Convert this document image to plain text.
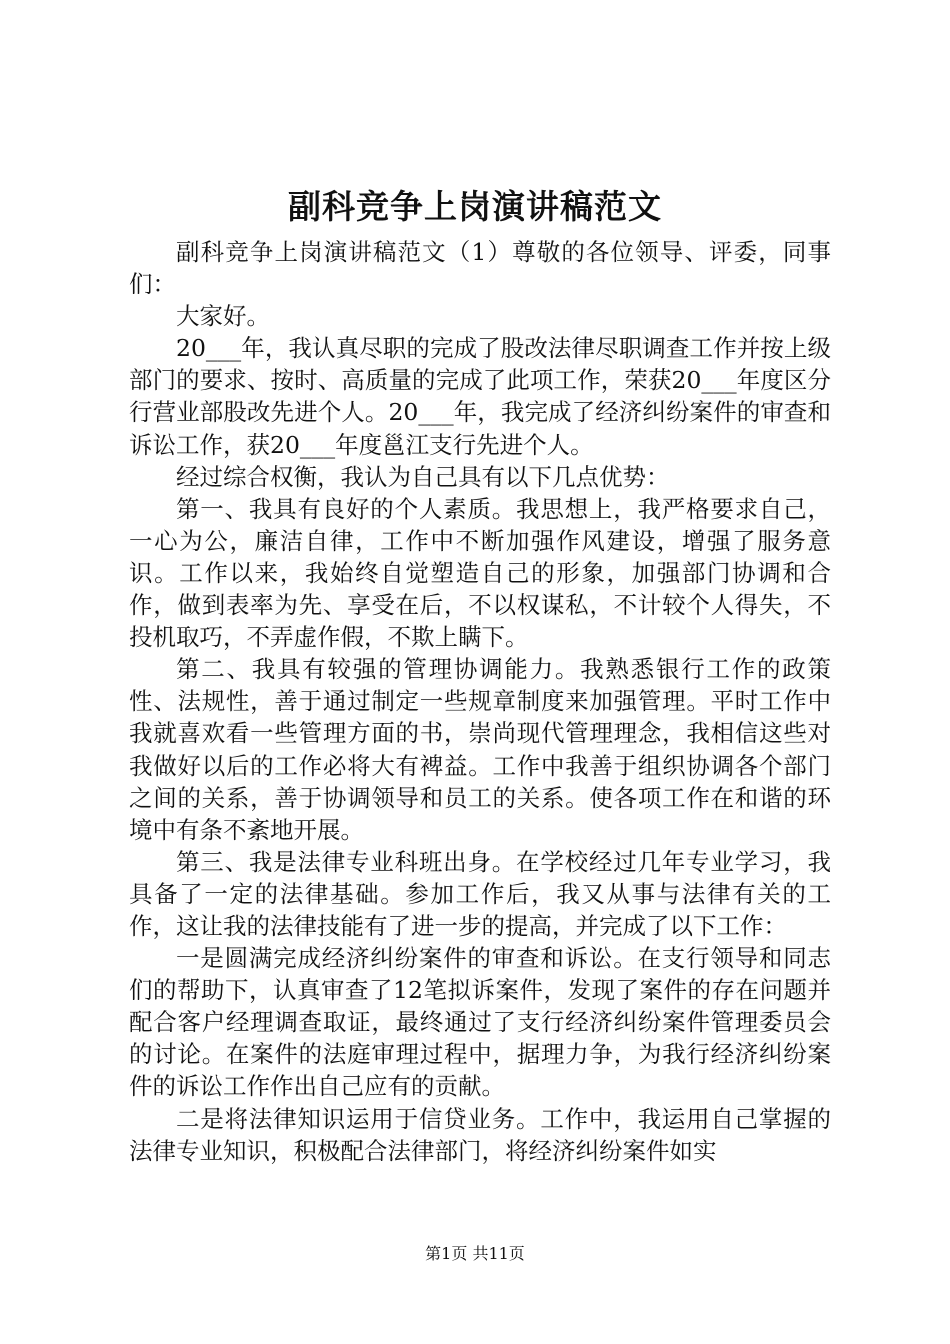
副科竞争上岗演讲稿范文

副科竞争上岗演讲稿范文（1）尊敬的各位领导、评委，同事们：

大家好。

20___年，我认真尽职的完成了股改法律尽职调查工作并按上级部门的要求、按时、高质量的完成了此项工作，荣获20___年度区分行营业部股改先进个人。20___年，我完成了经济纠纷案件的审查和诉讼工作，获20___年度邕江支行先进个人。

经过综合权衡，我认为自己具有以下几点优势：

第一、我具有良好的个人素质。我思想上，我严格要求自己，一心为公，廉洁自律，工作中不断加强作风建设，增强了服务意识。工作以来，我始终自觉塑造自己的形象，加强部门协调和合作，做到表率为先、享受在后，不以权谋私，不计较个人得失，不投机取巧，不弄虚作假，不欺上瞒下。

第二、我具有较强的管理协调能力。我熟悉银行工作的政策性、法规性，善于通过制定一些规章制度来加强管理。平时工作中我就喜欢看一些管理方面的书，崇尚现代管理理念，我相信这些对我做好以后的工作必将大有裨益。工作中我善于组织协调各个部门之间的关系，善于协调领导和员工的关系。使各项工作在和谐的环境中有条不紊地开展。

第三、我是法律专业科班出身。在学校经过几年专业学习，我具备了一定的法律基础。参加工作后，我又从事与法律有关的工作，这让我的法律技能有了进一步的提高，并完成了以下工作：

一是圆满完成经济纠纷案件的审查和诉讼。在支行领导和同志们的帮助下，认真审查了12笔拟诉案件，发现了案件的存在问题并配合客户经理调查取证，最终通过了支行经济纠纷案件管理委员会的讨论。在案件的法庭审理过程中，据理力争，为我行经济纠纷案件的诉讼工作作出自己应有的贡献。

二是将法律知识运用于信贷业务。工作中，我运用自己掌握的法律专业知识，积极配合法律部门，将经济纠纷案件如实

第1页 共11页
